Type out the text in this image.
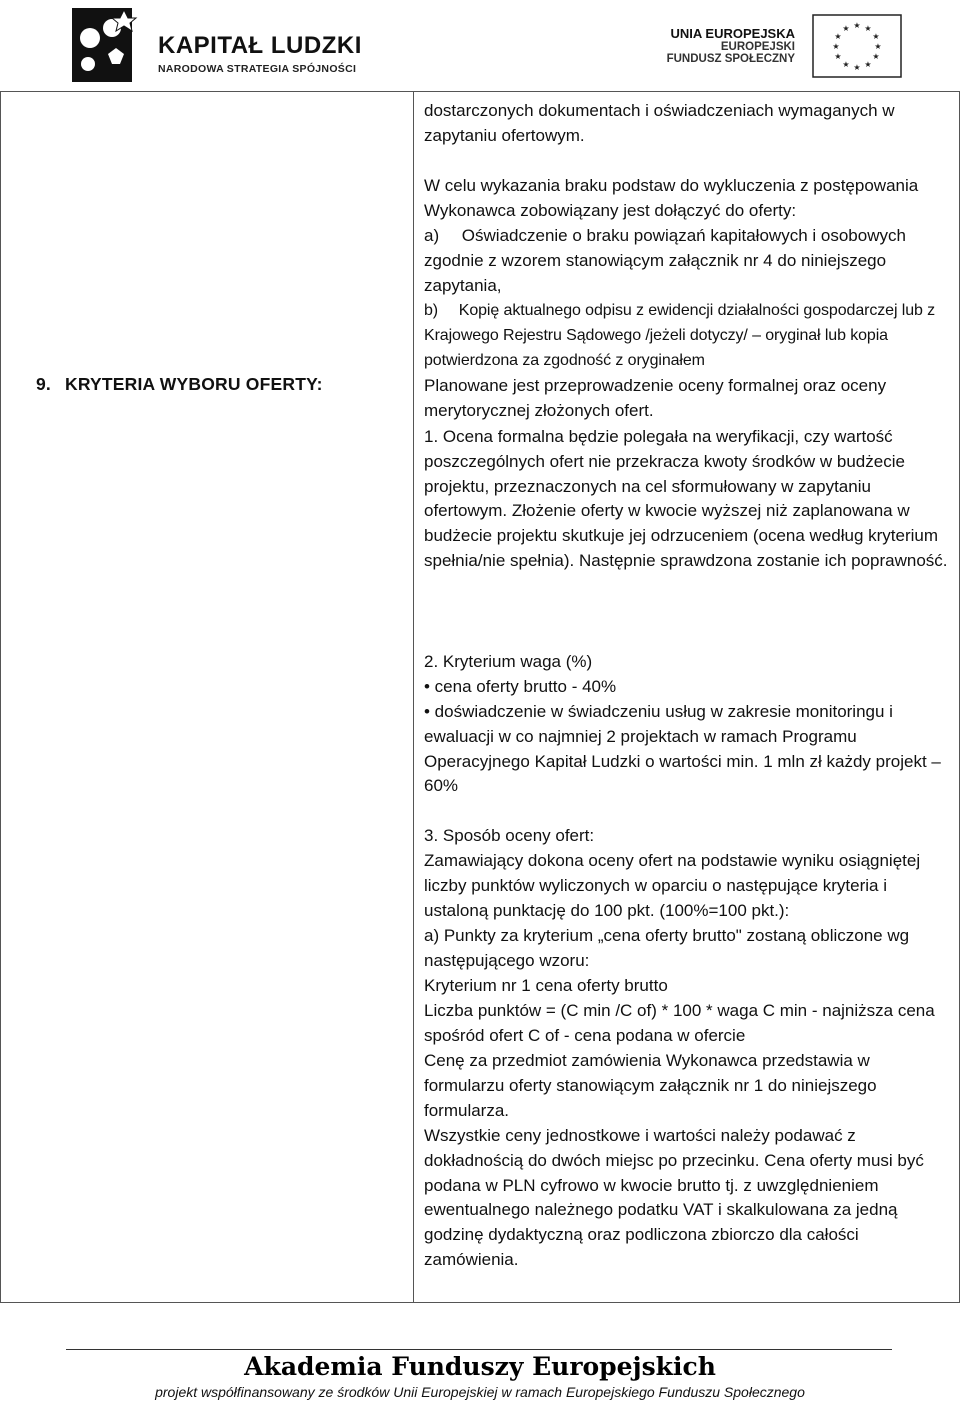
KAPITAŁ LUDZKI
NARODOWA STRATEGIA SPÓJNOŚCI
UNIA EUROPEJSKA
EUROPEJSKI
FUNDUSZ SPOŁECZNY
★ ★
★
★
★
★
★
★
★
★
★
★
9. KRYTERIA WYBORU OFERTY:
dostarczonych dokumentach i oświadczeniach wymaganych w zapytaniu ofertowym.
W celu wykazania braku podstaw do wykluczenia z postępowania Wykonawca zobowiązany jest dołączyć do oferty:
a)	Oświadczenie o braku powiązań kapitałowych i osobowych zgodnie z wzorem stanowiącym załącznik nr 4 do niniejszego zapytania,
b)	Kopię aktualnego odpisu z ewidencji działalności gospodarczej lub z Krajowego Rejestru Sądowego /jeżeli dotyczy/ – oryginał lub kopia potwierdzona za zgodność z oryginałem
Planowane jest przeprowadzenie oceny formalnej oraz oceny merytorycznej złożonych ofert.
1. Ocena formalna będzie polegała na weryfikacji, czy wartość poszczególnych ofert nie przekracza kwoty środków w budżecie projektu, przeznaczonych na cel sformułowany w zapytaniu ofertowym. Złożenie oferty w kwocie wyższej niż zaplanowana w budżecie projektu skutkuje jej odrzuceniem (ocena według kryterium spełnia/nie spełnia). Następnie sprawdzona zostanie ich poprawność.
2. Kryterium waga (%)
• cena oferty brutto - 40%
• doświadczenie w świadczeniu usług w zakresie monitoringu i ewaluacji w co najmniej 2 projektach w ramach Programu Operacyjnego Kapitał Ludzki o wartości min. 1 mln zł każdy projekt – 60%
3. Sposób oceny ofert:
Zamawiający dokona oceny ofert na podstawie wyniku osiągniętej liczby punktów wyliczonych w oparciu o następujące kryteria i ustaloną punktację do 100 pkt. (100%=100 pkt.):
a) Punkty za kryterium „cena oferty brutto" zostaną obliczone wg następującego wzoru:
Kryterium nr 1 cena oferty brutto
Liczba punktów = (C min /C of) * 100 * waga C min - najniższa cena spośród ofert C of - cena podana w ofercie
Cenę za przedmiot zamówienia Wykonawca przedstawia w formularzu oferty stanowiącym załącznik nr 1 do niniejszego formularza.
Wszystkie ceny jednostkowe i wartości należy podawać z dokładnością do dwóch miejsc po przecinku. Cena oferty musi być podana w PLN cyfrowo w kwocie brutto tj. z uwzględnieniem ewentualnego należnego podatku VAT i skalkulowana za jedną godzinę dydaktyczną oraz podliczona zbiorczo dla całości zamówienia.
Akademia Funduszy Europejskich
projekt współfinansowany ze środków Unii Europejskiej w ramach Europejskiego Funduszu Społecznego
